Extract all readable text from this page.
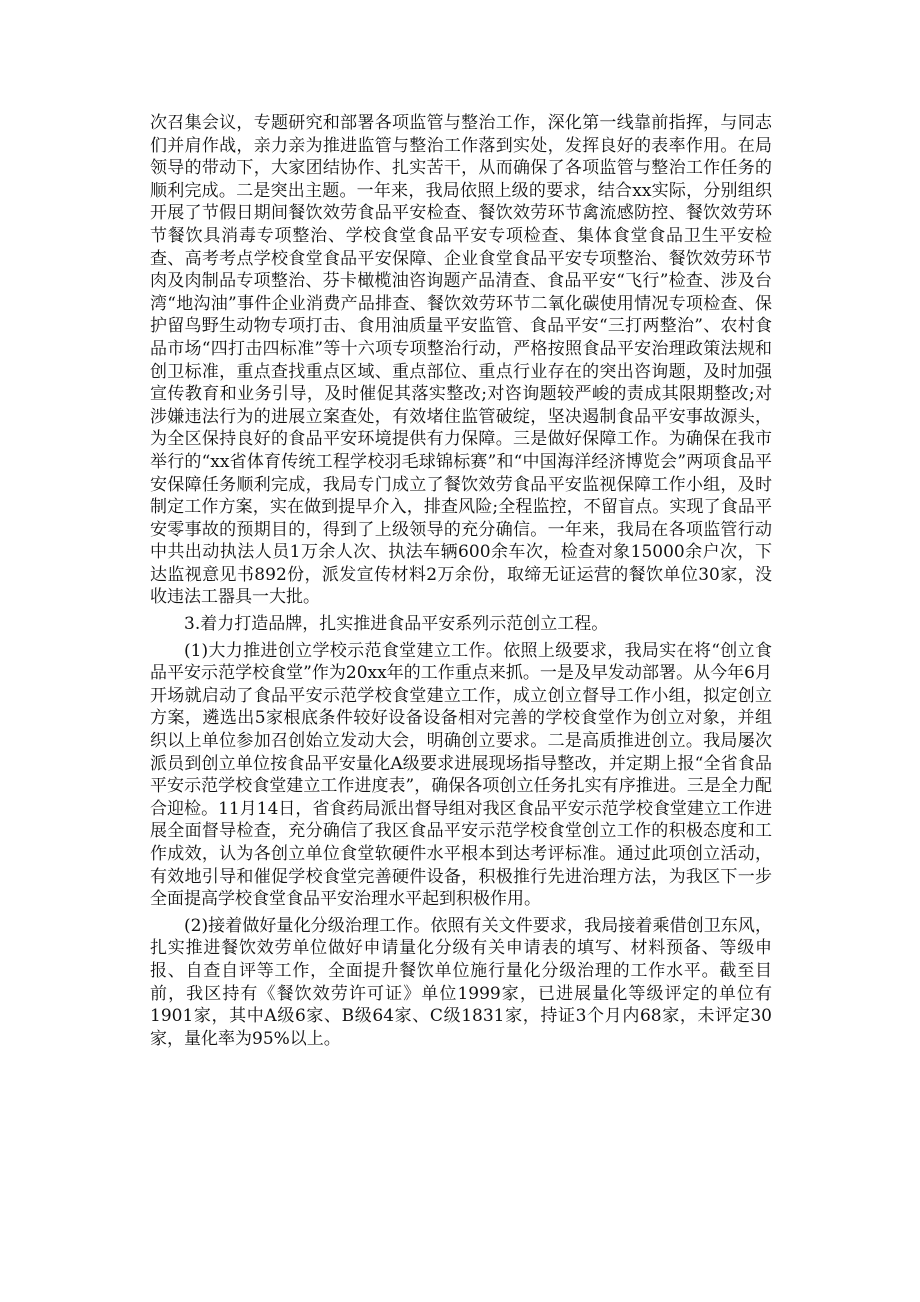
次召集会议，专题研究和部署各项监管与整治工作，深化第一线靠前指挥，与同志们并肩作战，亲力亲为推进监管与整治工作落到实处，发挥良好的表率作用。在局领导的带动下，大家团结协作、扎实苦干，从而确保了各项监管与整治工作任务的顺利完成。二是突出主题。一年来，我局依照上级的要求，结合xx实际，分别组织开展了节假日期间餐饮效劳食品平安检查、餐饮效劳环节禽流感防控、餐饮效劳环节餐饮具消毒专项整治、学校食堂食品平安专项检查、集体食堂食品卫生平安检查、高考考点学校食堂食品平安保障、企业食堂食品平安专项整治、餐饮效劳环节肉及肉制品专项整治、芬卡橄榄油咨询题产品清查、食品平安“飞行”检查、涉及台湾“地沟油”事件企业消费产品排查、餐饮效劳环节二氧化碳使用情况专项检查、保护留鸟野生动物专项打击、食用油质量平安监管、食品平安“三打两整治”、农村食品市场“四打击四标准”等十六项专项整治行动，严格按照食品平安治理政策法规和创卫标准，重点查找重点区域、重点部位、重点行业存在的突出咨询题，及时加强宣传教育和业务引导，及时催促其落实整改;对咨询题较严峻的责成其限期整改;对涉嫌违法行为的进展立案查处，有效堵住监管破绽，坚决遏制食品平安事故源头，为全区保持良好的食品平安环境提供有力保障。三是做好保障工作。为确保在我市举行的“xx省体育传统工程学校羽毛球锦标赛”和“中国海洋经济博览会”两项食品平安保障任务顺利完成，我局专门成立了餐饮效劳食品平安监视保障工作小组，及时制定工作方案，实在做到提早介入，排查风险;全程监控，不留盲点。实现了食品平安零事故的预期目的，得到了上级领导的充分确信。一年来，我局在各项监管行动中共出动执法人员1万余人次、执法车辆600余车次，检查对象15000余户次，下达监视意见书892份，派发宣传材料2万余份，取缔无证运营的餐饮单位30家，没收违法工器具一大批。

3.着力打造品牌，扎实推进食品平安系列示范创立工程。

(1)大力推进创立学校示范食堂建立工作。依照上级要求，我局实在将“创立食品平安示范学校食堂”作为20xx年的工作重点来抓。一是及早发动部署。从今年6月开场就启动了食品平安示范学校食堂建立工作，成立创立督导工作小组，拟定创立方案，遴选出5家根底条件较好设备设备相对完善的学校食堂作为创立对象，并组织以上单位参加召创始立发动大会，明确创立要求。二是高质推进创立。我局屡次派员到创立单位按食品平安量化A级要求进展现场指导整改，并定期上报“全省食品平安示范学校食堂建立工作进度表”，确保各项创立任务扎实有序推进。三是全力配合迎检。11月14日，省食药局派出督导组对我区食品平安示范学校食堂建立工作进展全面督导检查，充分确信了我区食品平安示范学校食堂创立工作的积极态度和工作成效，认为各创立单位食堂软硬件水平根本到达考评标准。通过此项创立活动，有效地引导和催促学校食堂完善硬件设备，积极推行先进治理方法，为我区下一步全面提高学校食堂食品平安治理水平起到积极作用。

(2)接着做好量化分级治理工作。依照有关文件要求，我局接着乘借创卫东风，扎实推进餐饮效劳单位做好申请量化分级有关申请表的填写、材料预备、等级申报、自查自评等工作，全面提升餐饮单位施行量化分级治理的工作水平。截至目前，我区持有《餐饮效劳许可证》单位1999家，已进展量化等级评定的单位有1901家，其中A级6家、B级64家、C级1831家，持证3个月内68家，未评定30家，量化率为95%以上。
